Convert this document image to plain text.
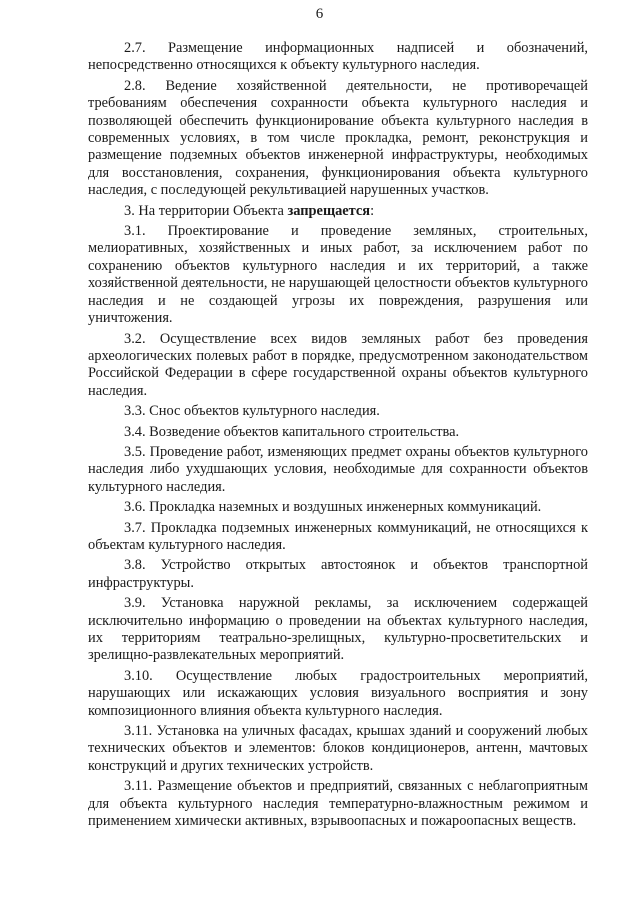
6

2.7. Размещение информационных надписей и обозначений, непосредственно относящихся к объекту культурного наследия.

2.8. Ведение хозяйственной деятельности, не противоречащей требованиям обеспечения сохранности объекта культурного наследия и позволяющей обеспечить функционирование объекта культурного наследия в современных условиях, в том числе прокладка, ремонт, реконструкция и размещение подземных объектов инженерной инфраструктуры, необходимых для восстановления, сохранения, функционирования объекта культурного наследия, с последующей рекультивацией нарушенных участков.

3. На территории Объекта запрещается:

3.1. Проектирование и проведение земляных, строительных, мелиоративных, хозяйственных и иных работ, за исключением работ по сохранению объектов культурного наследия и их территорий, а также хозяйственной деятельности, не нарушающей целостности объектов культурного наследия и не создающей угрозы их повреждения, разрушения или уничтожения.

3.2. Осуществление всех видов земляных работ без проведения археологических полевых работ в порядке, предусмотренном законодательством Российской Федерации в сфере государственной охраны объектов культурного наследия.

3.3. Снос объектов культурного наследия.

3.4. Возведение объектов капитального строительства.

3.5. Проведение работ, изменяющих предмет охраны объектов культурного наследия либо ухудшающих условия, необходимые для сохранности объектов культурного наследия.

3.6. Прокладка наземных и воздушных инженерных коммуникаций.

3.7. Прокладка подземных инженерных коммуникаций, не относящихся к объектам культурного наследия.

3.8. Устройство открытых автостоянок и объектов транспортной инфраструктуры.

3.9. Установка наружной рекламы, за исключением содержащей исключительно информацию о проведении на объектах культурного наследия, их территориям театрально-зрелищных, культурно-просветительских и зрелищно-развлекательных мероприятий.

3.10. Осуществление любых градостроительных мероприятий, нарушающих или искажающих условия визуального восприятия и зону композиционного влияния объекта культурного наследия.

3.11. Установка на уличных фасадах, крышах зданий и сооружений любых технических объектов и элементов: блоков кондиционеров, антенн, мачтовых конструкций и других технических устройств.

3.11. Размещение объектов и предприятий, связанных с неблагоприятным для объекта культурного наследия температурно-влажностным режимом и применением химически активных, взрывоопасных и пожароопасных веществ.
